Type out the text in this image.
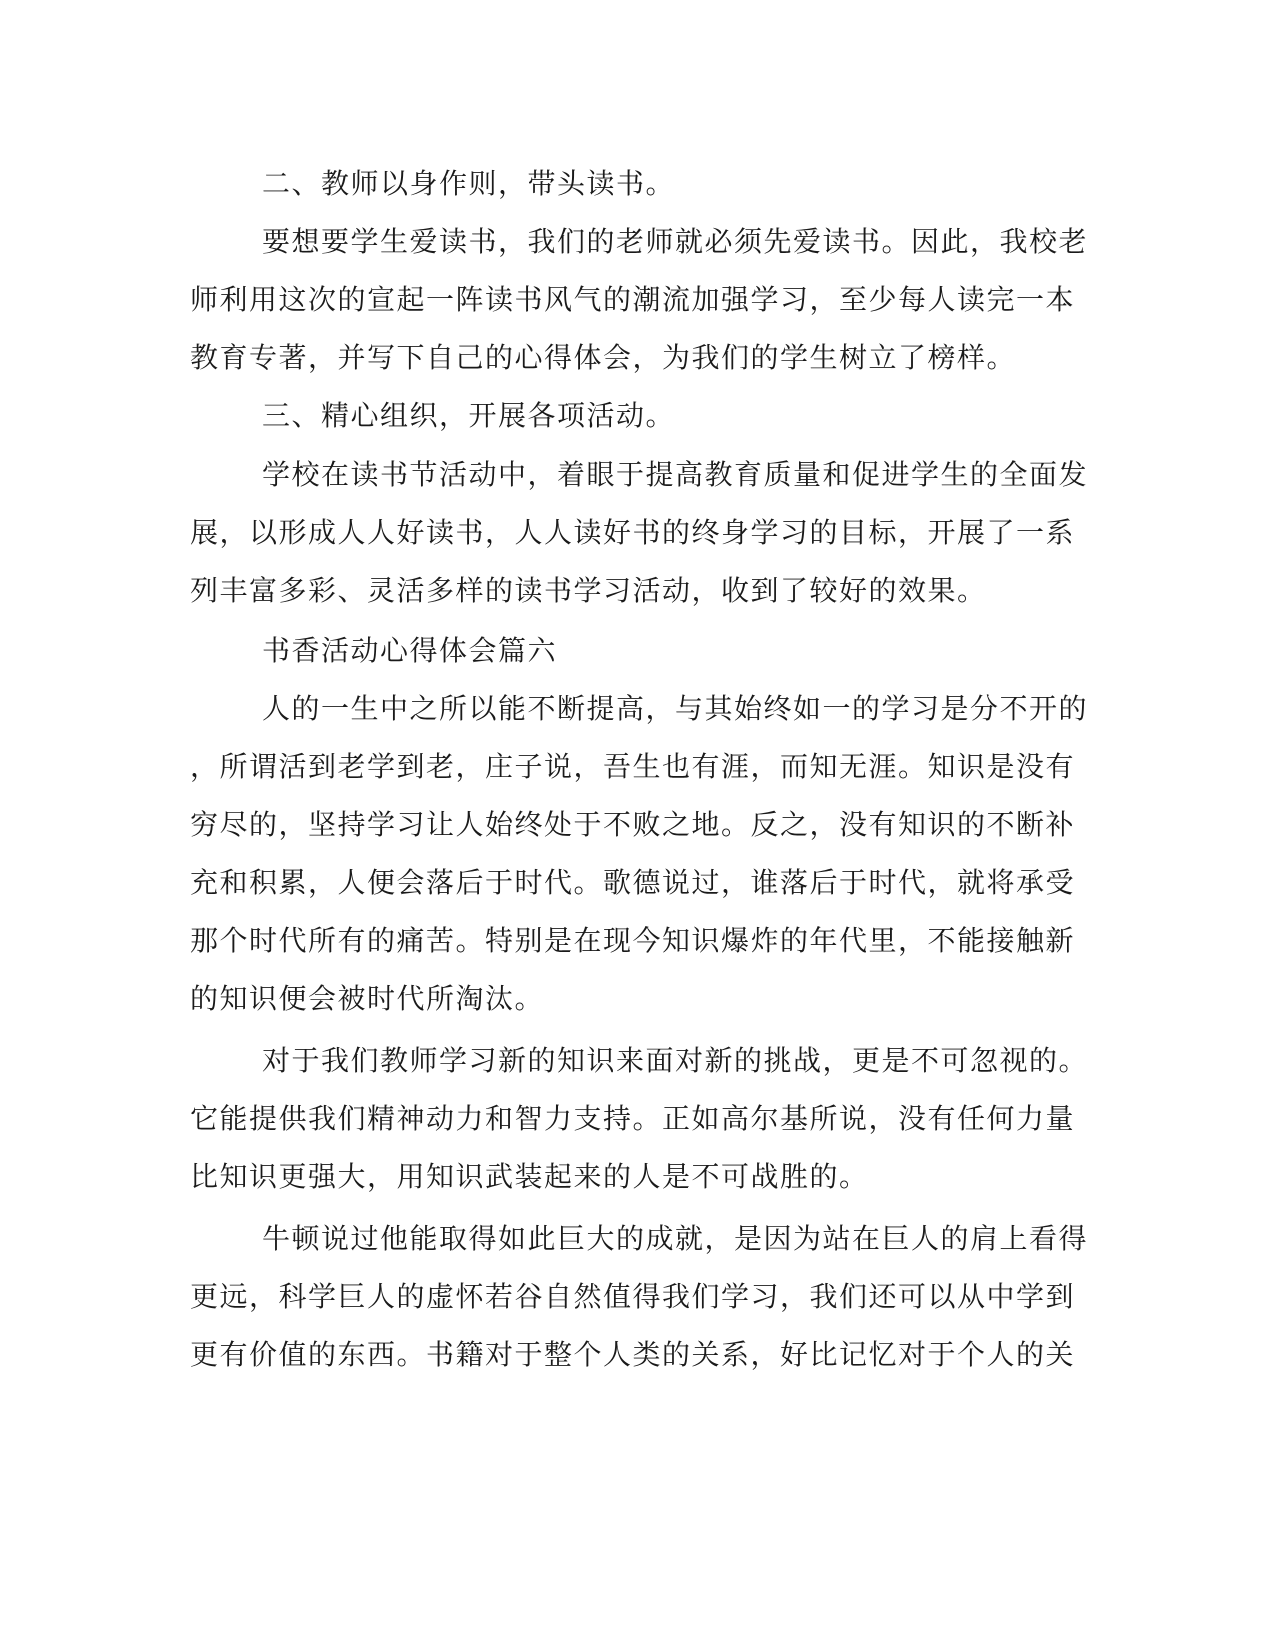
二、教师以身作则，带头读书。
要想要学生爱读书，我们的老师就必须先爱读书。因此，我校老
师利用这次的宣起一阵读书风气的潮流加强学习，至少每人读完一本
教育专著，并写下自己的心得体会，为我们的学生树立了榜样。
三、精心组织，开展各项活动。
学校在读书节活动中，着眼于提高教育质量和促进学生的全面发
展，以形成人人好读书，人人读好书的终身学习的目标，开展了一系
列丰富多彩、灵活多样的读书学习活动，收到了较好的效果。
书香活动心得体会篇六
人的一生中之所以能不断提高，与其始终如一的学习是分不开的
，所谓活到老学到老，庄子说，吾生也有涯，而知无涯。知识是没有
穷尽的，坚持学习让人始终处于不败之地。反之，没有知识的不断补
充和积累，人便会落后于时代。歌德说过，谁落后于时代，就将承受
那个时代所有的痛苦。特别是在现今知识爆炸的年代里，不能接触新
的知识便会被时代所淘汰。
对于我们教师学习新的知识来面对新的挑战，更是不可忽视的。
它能提供我们精神动力和智力支持。正如高尔基所说，没有任何力量
比知识更强大，用知识武装起来的人是不可战胜的。
牛顿说过他能取得如此巨大的成就，是因为站在巨人的肩上看得
更远，科学巨人的虚怀若谷自然值得我们学习，我们还可以从中学到
更有价值的东西。书籍对于整个人类的关系，好比记忆对于个人的关
